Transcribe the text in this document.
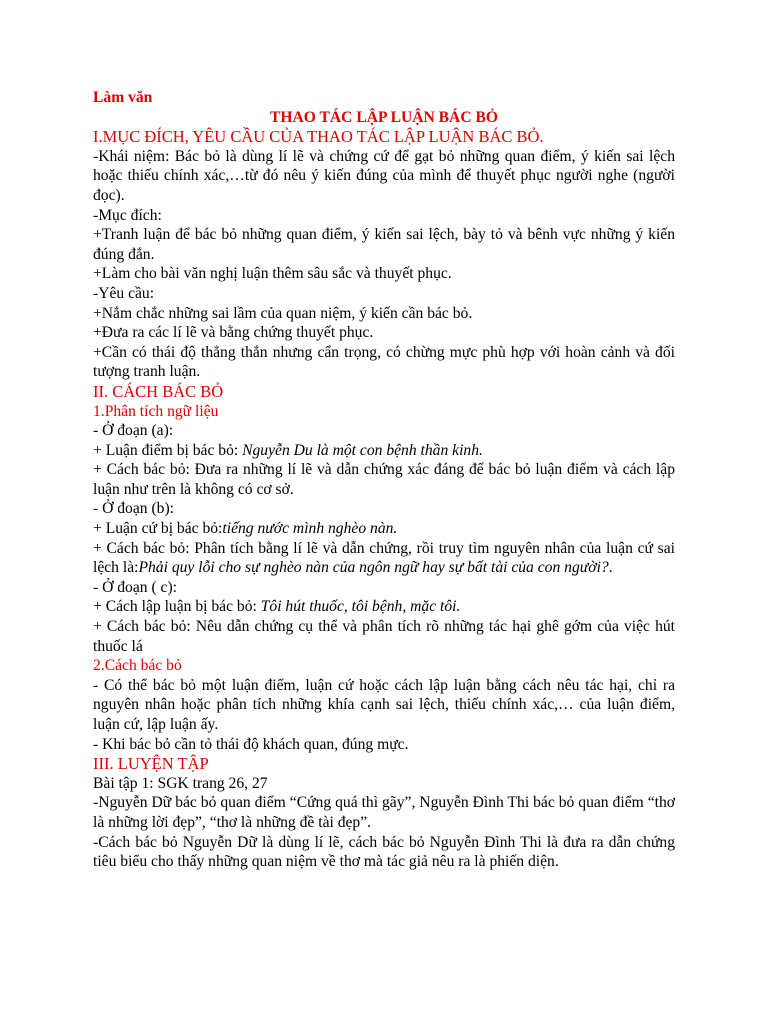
Làm văn

THAO TÁC LẬP LUẬN BÁC BỎ

I.MỤC ĐÍCH, YÊU CẦU CỦA THAO TÁC LẬP LUẬN BÁC BỎ.

-Khái niệm: Bác bỏ là dùng lí lẽ và chứng cứ để gạt bỏ những quan điểm, ý kiến sai lệch hoặc thiếu chính xác,…từ đó nêu ý kiến đúng của mình để thuyết phục người nghe (người đọc).

-Mục đích:

+Tranh luận để bác bỏ những quan điểm, ý kiến sai lệch, bày tỏ và bênh vực những ý kiến đúng đắn.

+Làm cho bài văn nghị luận thêm sâu sắc và thuyết phục.

-Yêu cầu:

+Nắm chắc những sai lầm của quan niệm, ý kiến cần bác bỏ.

+Đưa ra các lí lẽ và bằng chứng thuyết phục.

+Cần có thái độ thẳng thắn nhưng cẩn trọng, có chừng mực phù hợp với hoàn cảnh và đối tượng tranh luận.

II. CÁCH BÁC BỎ

1.Phân tích ngữ liệu

- Ở đoạn (a):

+ Luận điểm bị bác bỏ: Nguyễn Du là một con bệnh thần kinh.

+ Cách bác bỏ: Đưa ra những lí lẽ và dẫn chứng xác đáng để bác bỏ luận điểm và cách lập luận như trên là không có cơ sở.

- Ở đoạn (b):

+ Luận cứ bị bác bỏ:tiếng nước mình nghèo nàn.

+ Cách bác bỏ: Phân tích bằng lí lẽ và dẫn chứng, rồi truy tìm nguyên nhân của luận cứ sai lệch là:Phải quy lỗi cho sự nghèo nàn của ngôn ngữ hay sự bất tài của con người?.

- Ở đoạn ( c):

+ Cách lập luận bị bác bỏ: Tôi hút thuốc, tôi bệnh, mặc tôi.

+ Cách bác bỏ: Nêu dẫn chứng cụ thể và phân tích rõ những tác hại ghê gớm của việc hút thuốc lá

2.Cách bác bỏ

- Có thể bác bỏ một luận điểm, luận cứ hoặc cách lập luận bằng cách nêu tác hại, chỉ ra nguyên nhân hoặc phân tích những khía cạnh sai lệch, thiếu chính xác,… của luận điểm, luận cứ, lập luận ấy.

- Khi bác bỏ cần tỏ thái độ khách quan, đúng mực.

III. LUYỆN TẬP

Bài tập 1: SGK trang 26, 27

-Nguyễn Dữ bác bỏ quan điểm “Cứng quá thì gãy”, Nguyễn Đình Thi bác bỏ quan điểm “thơ là những lời đẹp”, “thơ là những đề tài đẹp”.

-Cách bác bỏ Nguyễn Dữ là dùng lí lẽ, cách bác bỏ Nguyễn Đình Thi là đưa ra dẫn chứng tiêu biểu cho thấy những quan niệm về thơ mà tác giả nêu ra là phiến diện.
